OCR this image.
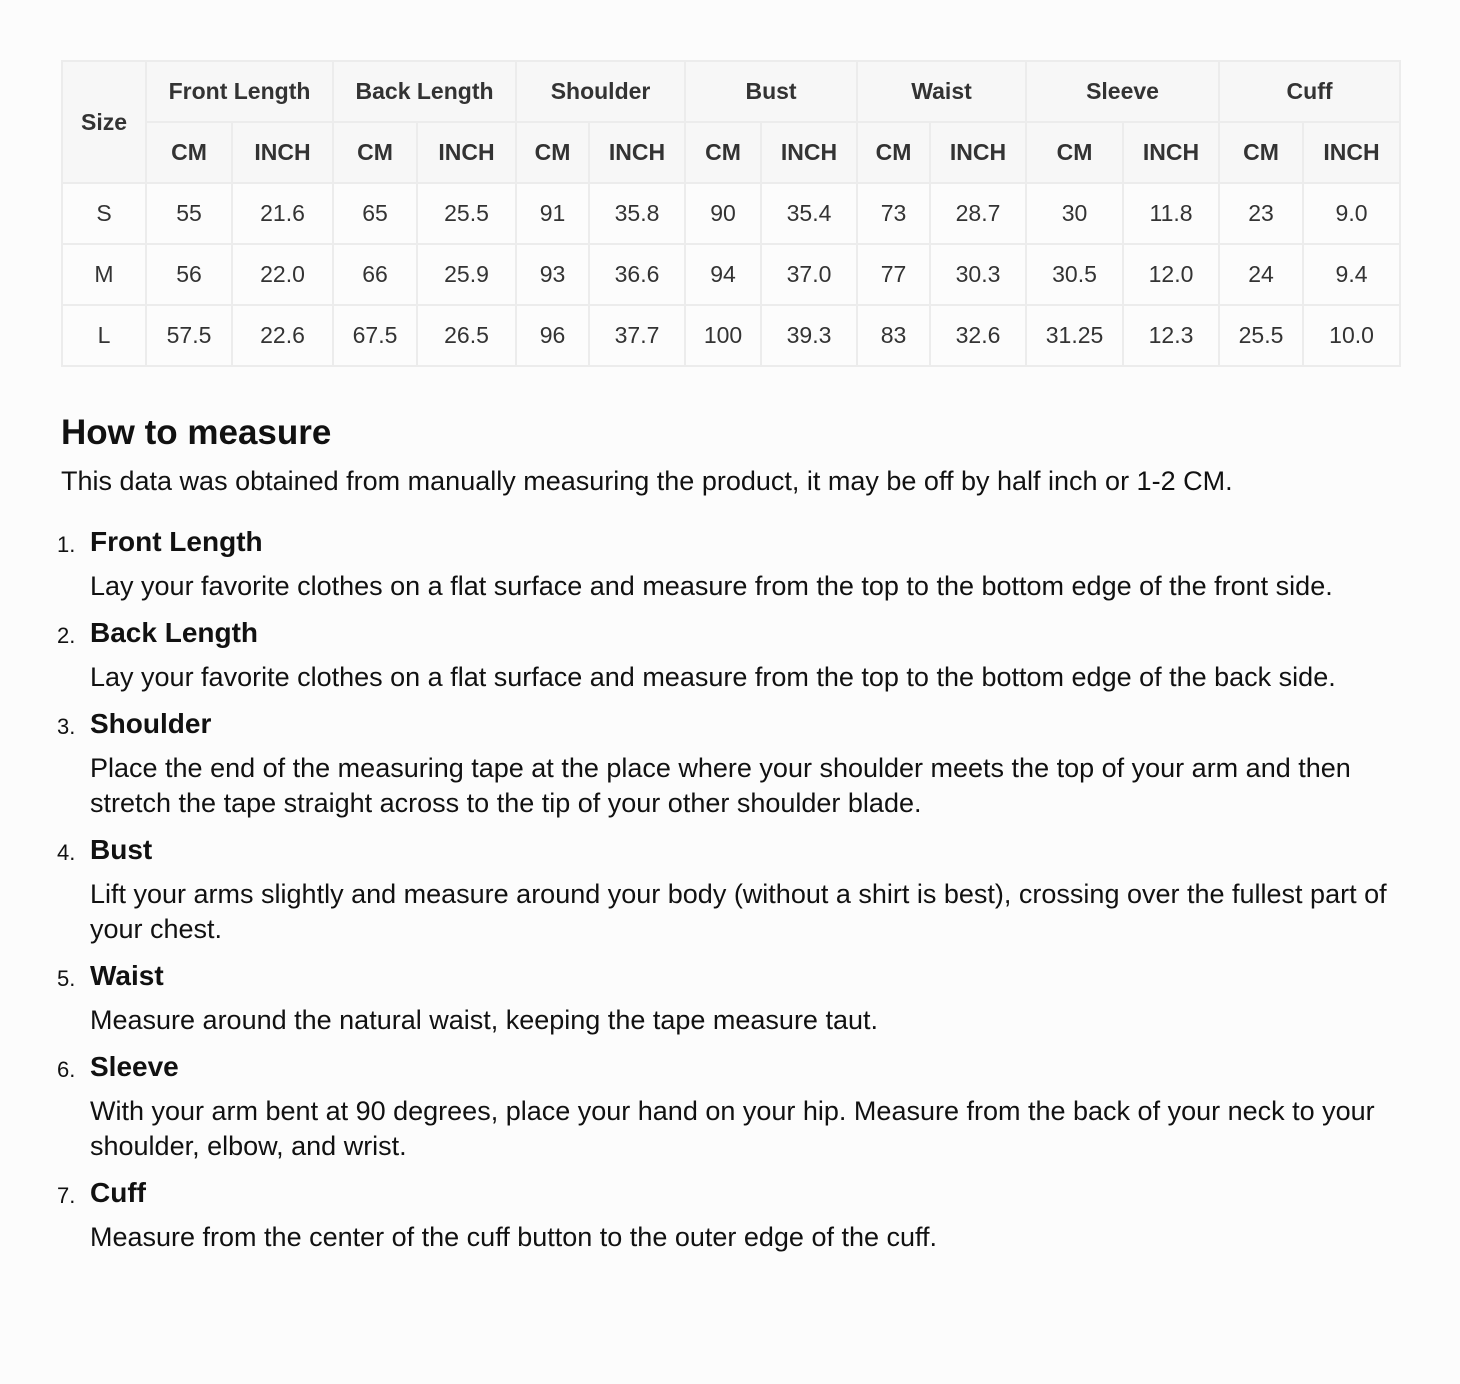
Size	Front Length		Back Length		Shoulder		Bust		Waist		Sleeve		Cuff	
	CM	INCH	CM	INCH	CM	INCH	CM	INCH	CM	INCH	CM	INCH	CM	INCH
S	55	21.6	65	25.5	91	35.8	90	35.4	73	28.7	30	11.8	23	9.0
M	56	22.0	66	25.9	93	36.6	94	37.0	77	30.3	30.5	12.0	24	9.4
L	57.5	22.6	67.5	26.5	96	37.7	100	39.3	83	32.6	31.25	12.3	25.5	10.0
How to measure

This data was obtained from manually measuring the product, it may be off by half inch or 1-2 CM.

1. Front Length
Lay your favorite clothes on a flat surface and measure from the top to the bottom edge of the front side.
2. Back Length
Lay your favorite clothes on a flat surface and measure from the top to the bottom edge of the back side.
3. Shoulder
Place the end of the measuring tape at the place where your shoulder meets the top of your arm and then stretch the tape straight across to the tip of your other shoulder blade.
4. Bust
Lift your arms slightly and measure around your body (without a shirt is best), crossing over the fullest part of your chest.
5. Waist
Measure around the natural waist, keeping the tape measure taut.
6. Sleeve
With your arm bent at 90 degrees, place your hand on your hip. Measure from the back of your neck to your shoulder, elbow, and wrist.
7. Cuff
Measure from the center of the cuff button to the outer edge of the cuff.
